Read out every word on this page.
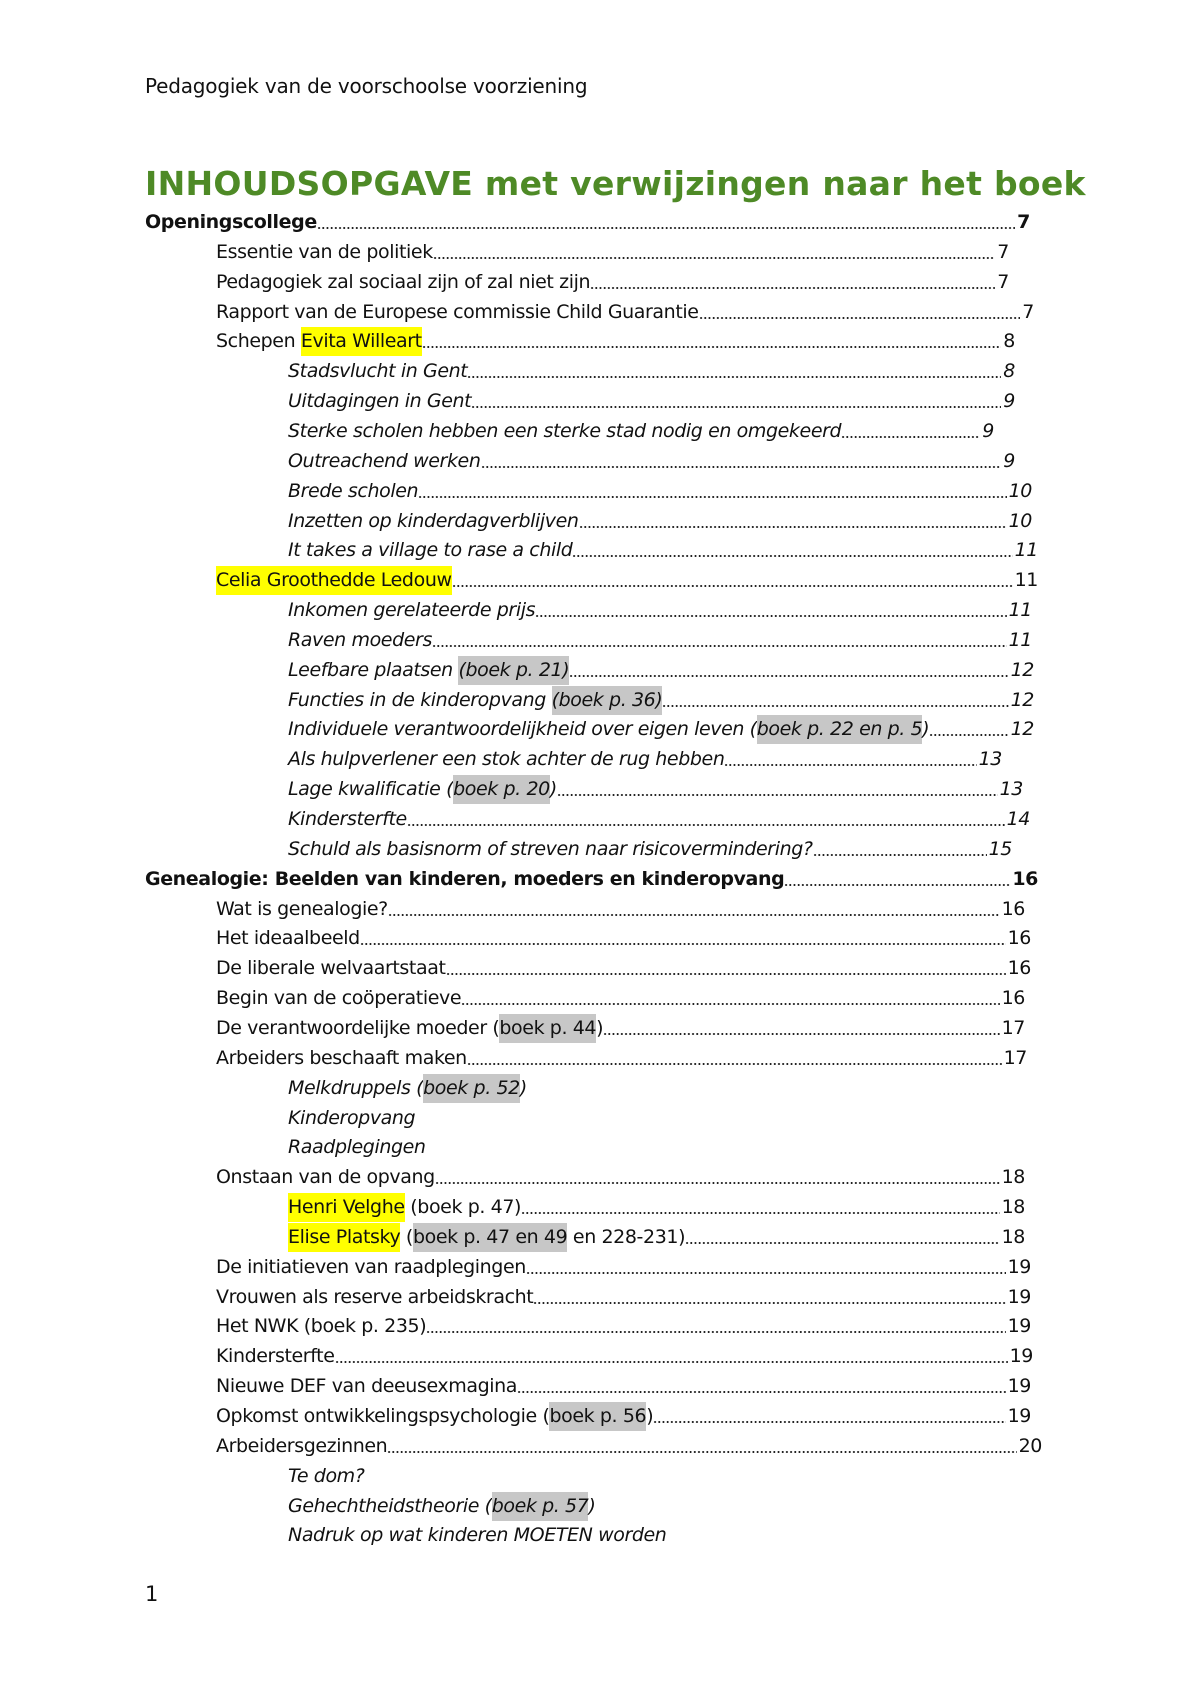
Pedagogiek van de voorschoolse voorziening
INHOUDSOPGAVE met verwijzingen naar het boek
Openingscollege	7
Essentie van de politiek	7
Pedagogiek zal sociaal zijn of zal niet zijn	7
Rapport van de Europese commissie Child Guarantie	7
Schepen Evita Willeart	8
Stadsvlucht in Gent	8
Uitdagingen in Gent	9
Sterke scholen hebben een sterke stad nodig en omgekeerd	9
Outreachend werken	9
Brede scholen	10
Inzetten op kinderdagverblijven	10
It takes a village to rase a child	11
Celia Groothedde Ledouw	11
Inkomen gerelateerde prijs	11
Raven moeders	11
Leefbare plaatsen (boek p. 21)	12
Functies in de kinderopvang (boek p. 36)	12
Individuele verantwoordelijkheid over eigen leven ( boek p. 22 en p. 5 )	12
Als hulpverlener een stok achter de rug hebben	13
Lage kwalificatie ( boek p. 20 )	13
Kindersterfte	14
Schuld als basisnorm of streven naar risicovermindering?	15
Genealogie: Beelden van kinderen, moeders en kinderopvang	16
Wat is genealogie?	16
Het ideaalbeeld	16
De liberale welvaartstaat	16
Begin van de coöperatieve	16
De verantwoordelijke moeder ( boek p. 44 )	17
Arbeiders beschaaft maken	17
Melkdruppels ( boek p. 52 )
Kinderopvang
Raadplegingen
Onstaan van de opvang	18
Henri Velghe (boek p. 47)	18
Elise Platsky ( boek p. 47 en 49 en 228-231)	18
De initiatieven van raadplegingen	19
Vrouwen als reserve arbeidskracht	19
Het NWK (boek p. 235)	19
Kindersterfte	19
Nieuwe DEF van deeusexmagina	19
Opkomst ontwikkelingspsychologie ( boek p. 56 )	19
Arbeidersgezinnen	20
Te dom?
Gehechtheidstheorie ( boek p. 57 )
Nadruk op wat kinderen MOETEN worden
1
